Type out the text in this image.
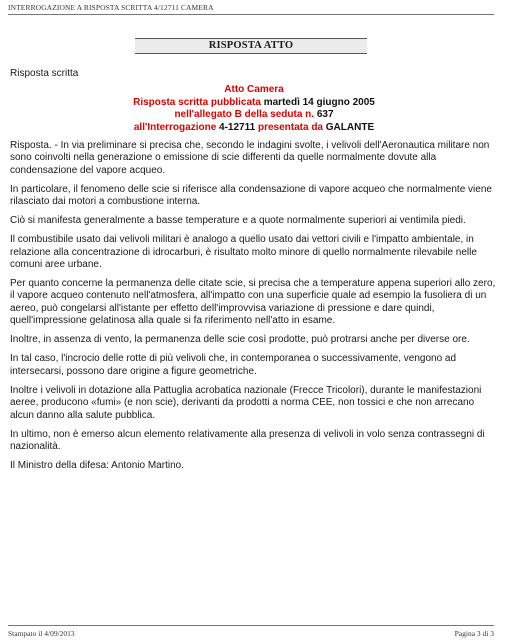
INTERROGAZIONE A RISPOSTA SCRITTA 4/12711 CAMERA
RISPOSTA ATTO

Risposta scritta

Atto Camera
Risposta scritta pubblicata martedì 14 giugno 2005
nell'allegato B della seduta n. 637
all'Interrogazione 4-12711 presentata da GALANTE

Risposta. - In via preliminare si precisa che, secondo le indagini svolte, i velivoli dell'Aeronautica militare non sono coinvolti nella generazione o emissione di scie differenti da quelle normalmente dovute alla condensazione del vapore acqueo.

In particolare, il fenomeno delle scie si riferisce alla condensazione di vapore acqueo che normalmente viene rilasciato dai motori a combustione interna.

Ciò si manifesta generalmente a basse temperature e a quote normalmente superiori ai ventimila piedi.

Il combustibile usato dai velivoli militari è analogo a quello usato dai vettori civili e l'impatto ambientale, in relazione alla concentrazione di idrocarburi, è risultato molto minore di quello normalmente rilevabile nelle comuni aree urbane.

Per quanto concerne la permanenza delle citate scie, si precisa che a temperature appena superiori allo zero, il vapore acqueo contenuto nell'atmosfera, all'impatto con una superficie quale ad esempio la fusoliera di un aereo, può congelarsi all'istante per effetto dell'improvvisa variazione di pressione e dare quindi, quell'impressione gelatinosa alla quale si fa riferimento nell'atto in esame.

Inoltre, in assenza di vento, la permanenza delle scie così prodotte, può protrarsi anche per diverse ore.

In tal caso, l'incrocio delle rotte di più velivoli che, in contemporanea o successivamente, vengono ad intersecarsi, possono dare origine a figure geometriche.

Inoltre i velivoli in dotazione alla Pattuglia acrobatica nazionale (Frecce Tricolori), durante le manifestazioni aeree, producono «fumi» (e non scie), derivanti da prodotti a norma CEE, non tossici e che non arrecano alcun danno alla salute pubblica.

In ultimo, non è emerso alcun elemento relativamente alla presenza di velivoli in volo senza contrassegni di nazionalità.

Il Ministro della difesa: Antonio Martino.

Stampato il 4/09/2013	Pagina 3 di 3
